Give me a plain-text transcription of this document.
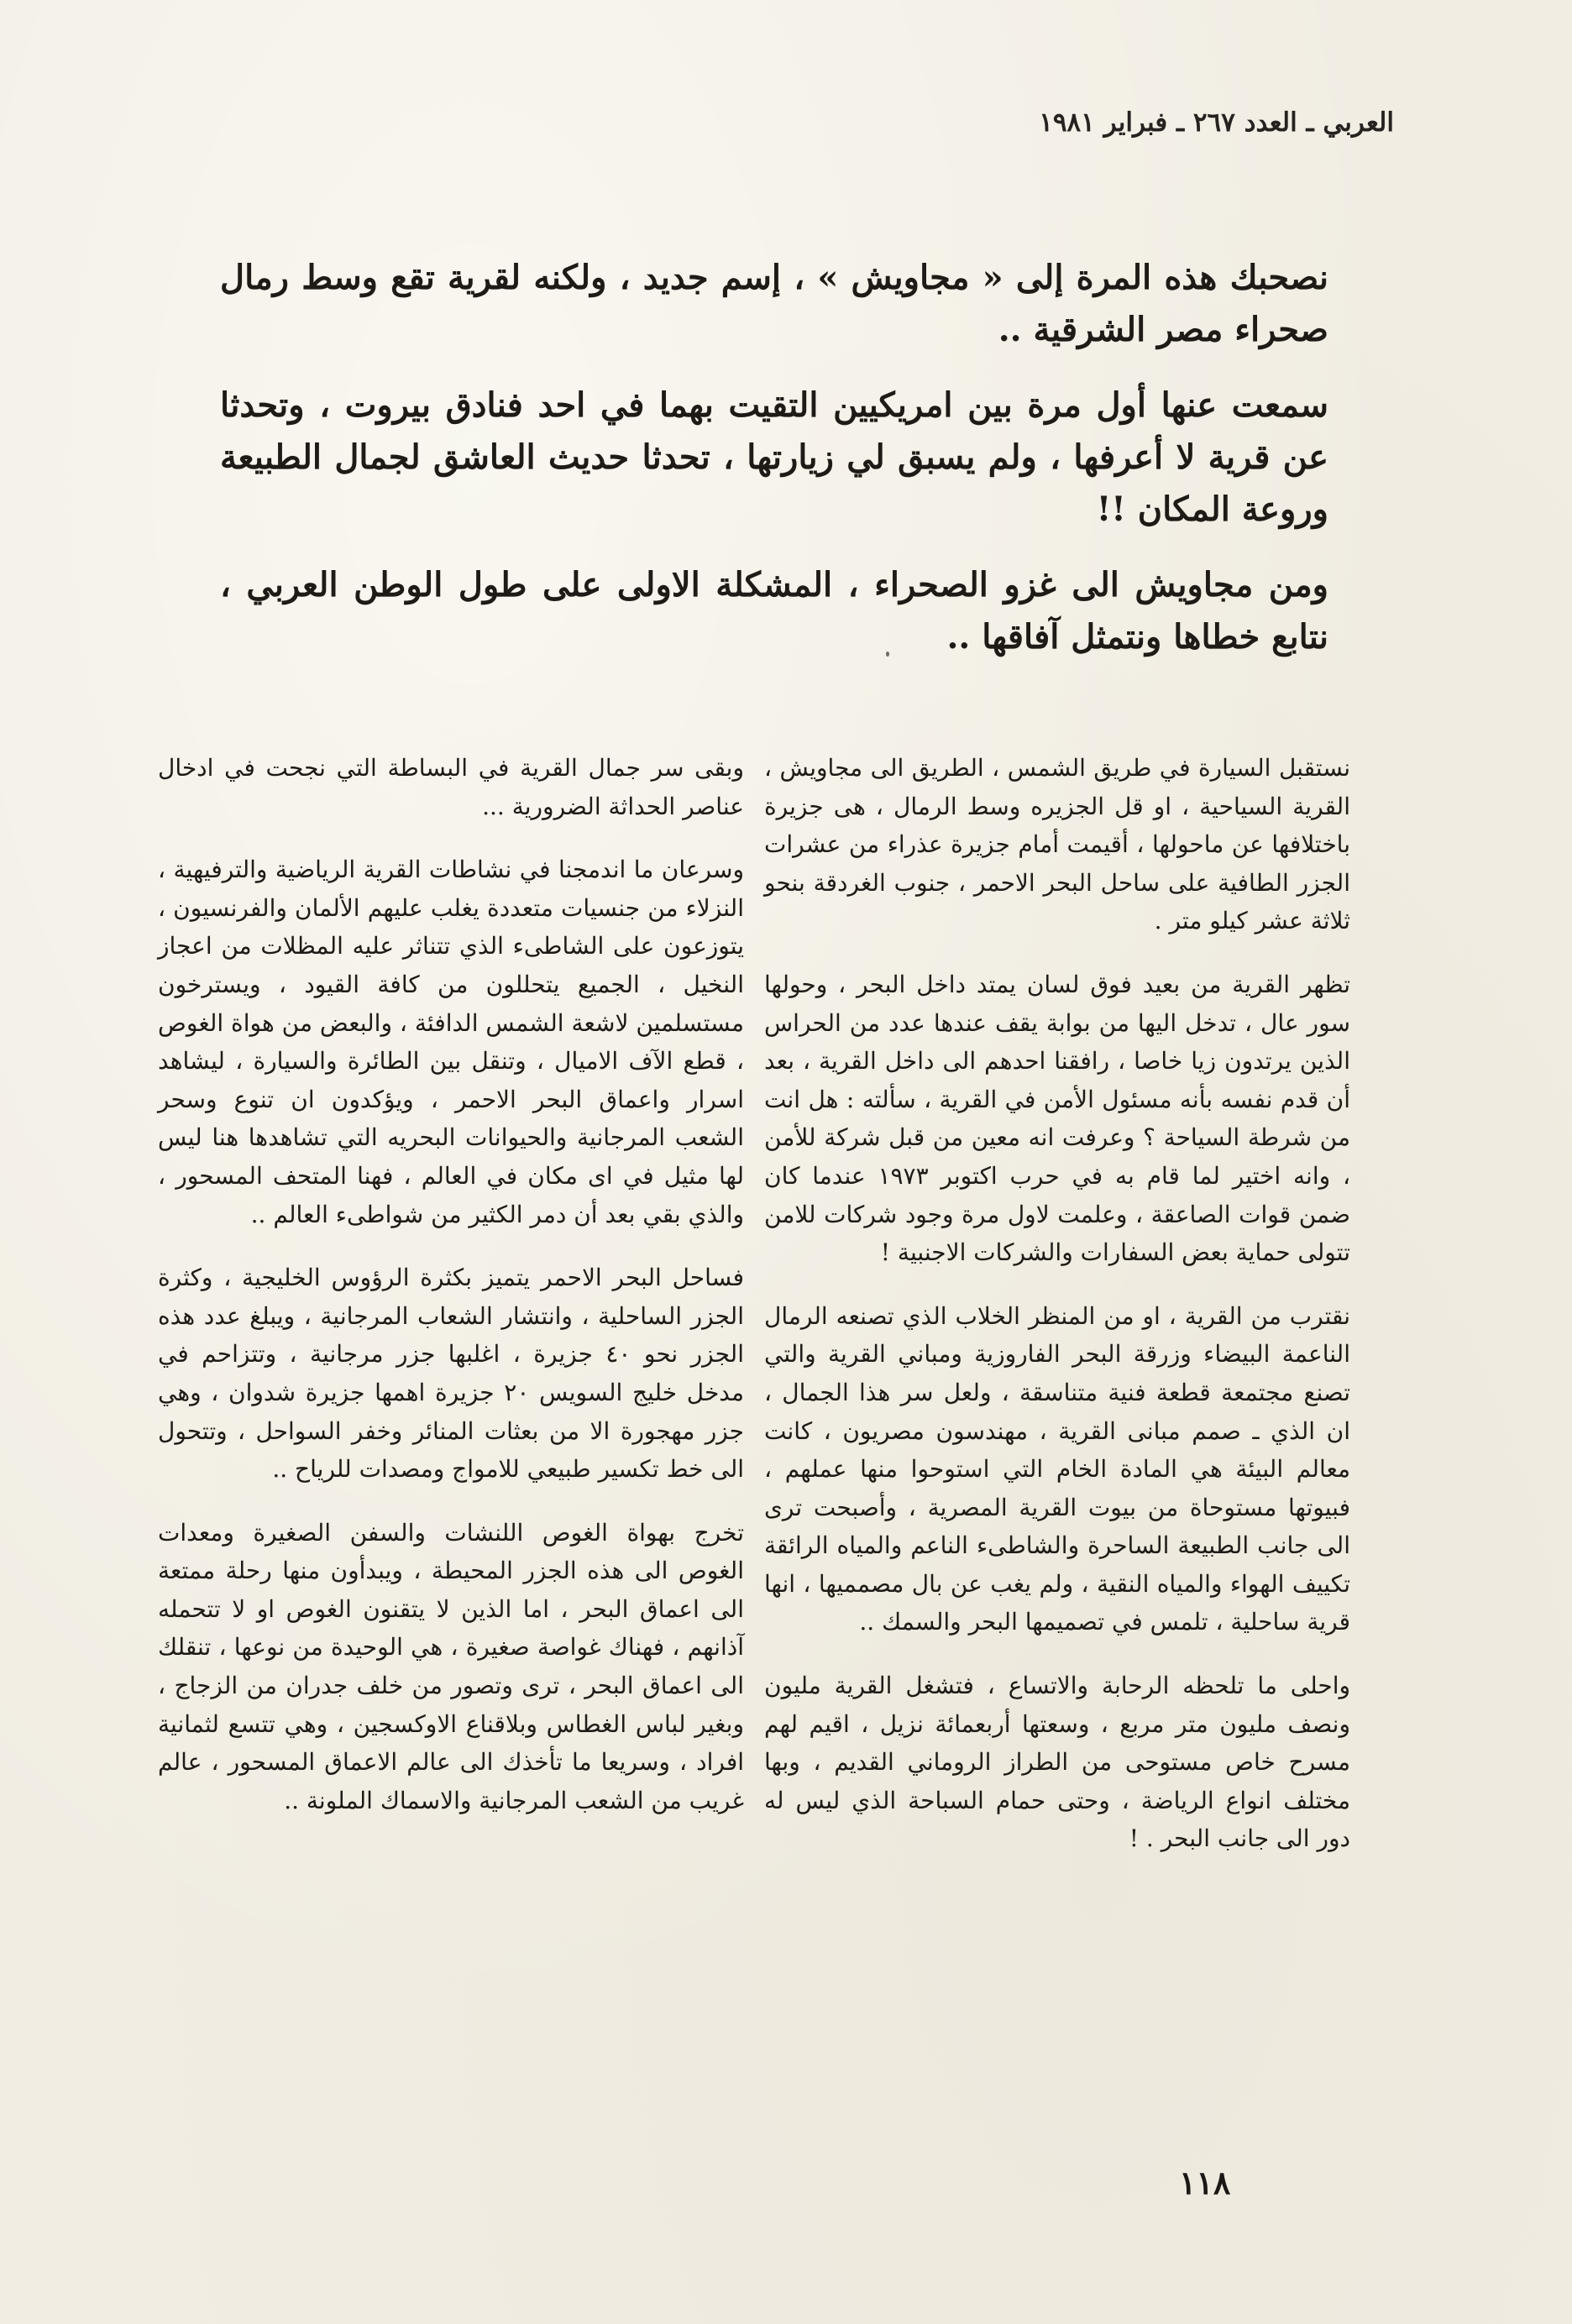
العربي ـ العدد ٢٦٧ ـ فبراير ١٩٨١

نصحبك هذه المرة إلى « مجاويش » ، إسم جديد ، ولكنه لقرية تقع وسط رمال صحراء مصر الشرقية ..

سمعت عنها أول مرة بين امريكيين التقيت بهما في احد فنادق بيروت ، وتحدثا عن قرية لا أعرفها ، ولم يسبق لي زيارتها ، تحدثا حديث العاشق لجمال الطبيعة وروعة المكان !!

ومن مجاويش الى غزو الصحراء ، المشكلة الاولى على طول الوطن العربي ، نتابع خطاها ونتمثل آفاقها ..

نستقبل السيارة في طريق الشمس ، الطريق الى مجاويش ، القرية السياحية ، او قل الجزيره وسط الرمال ، هى جزيرة باختلافها عن ماحولها ، أقيمت أمام جزيرة عذراء من عشرات الجزر الطافية على ساحل البحر الاحمر ، جنوب الغردقة بنحو ثلاثة عشر كيلو متر .

تظهر القرية من بعيد فوق لسان يمتد داخل البحر ، وحولها سور عال ، تدخل اليها من بوابة يقف عندها عدد من الحراس الذين يرتدون زيا خاصا ، رافقنا احدهم الى داخل القرية ، بعد أن قدم نفسه بأنه مسئول الأمن في القرية ، سألته : هل انت من شرطة السياحة ؟ وعرفت انه معين من قبل شركة للأمن ، وانه اختير لما قام به في حرب اكتوبر ١٩٧٣ عندما كان ضمن قوات الصاعقة ، وعلمت لاول مرة وجود شركات للامن تتولى حماية بعض السفارات والشركات الاجنبية !

نقترب من القرية ، او من المنظر الخلاب الذي تصنعه الرمال الناعمة البيضاء وزرقة البحر الفاروزية ومباني القرية والتي تصنع مجتمعة قطعة فنية متناسقة ، ولعل سر هذا الجمال ، ان الذي ـ صمم مبانى القرية ، مهندسون مصريون ، كانت معالم البيئة هي المادة الخام التي استوحوا منها عملهم ، فبيوتها مستوحاة من بيوت القرية المصرية ، وأصبحت ترى الى جانب الطبيعة الساحرة والشاطىء الناعم والمياه الرائقة تكييف الهواء والمياه النقية ، ولم يغب عن بال مصمميها ، انها قرية ساحلية ، تلمس في تصميمها البحر والسمك ..

واحلى ما تلحظه الرحابة والاتساع ، فتشغل القرية مليون ونصف مليون متر مربع ، وسعتها أربعمائة نزيل ، اقيم لهم مسرح خاص مستوحى من الطراز الروماني القديم ، وبها مختلف انواع الرياضة ، وحتى حمام السباحة الذي ليس له دور الى جانب البحر . !

وبقى سر جمال القرية في البساطة التي نجحت في ادخال عناصر الحداثة الضرورية ...

وسرعان ما اندمجنا في نشاطات القرية الرياضية والترفيهية ، النزلاء من جنسيات متعددة يغلب عليهم الألمان والفرنسيون ، يتوزعون على الشاطىء الذي تتناثر عليه المظلات من اعجاز النخيل ، الجميع يتحللون من كافة القيود ، ويسترخون مستسلمين لاشعة الشمس الدافئة ، والبعض من هواة الغوص ، قطع الآف الاميال ، وتنقل بين الطائرة والسيارة ، ليشاهد اسرار واعماق البحر الاحمر ، ويؤكدون ان تنوع وسحر الشعب المرجانية والحيوانات البحريه التي تشاهدها هنا ليس لها مثيل في اى مكان في العالم ، فهنا المتحف المسحور ، والذي بقي بعد أن دمر الكثير من شواطىء العالم ..

فساحل البحر الاحمر يتميز بكثرة الرؤوس الخليجية ، وكثرة الجزر الساحلية ، وانتشار الشعاب المرجانية ، ويبلغ عدد هذه الجزر نحو ٤٠ جزيرة ، اغلبها جزر مرجانية ، وتتزاحم في مدخل خليج السويس ٢٠ جزيرة اهمها جزيرة شدوان ، وهي جزر مهجورة الا من بعثات المنائر وخفر السواحل ، وتتحول الى خط تكسير طبيعي للامواج ومصدات للرياح ..

تخرج بهواة الغوص اللنشات والسفن الصغيرة ومعدات الغوص الى هذه الجزر المحيطة ، ويبدأون منها رحلة ممتعة الى اعماق البحر ، اما الذين لا يتقنون الغوص او لا تتحمله آذانهم ، فهناك غواصة صغيرة ، هي الوحيدة من نوعها ، تنقلك الى اعماق البحر ، ترى وتصور من خلف جدران من الزجاج ، وبغير لباس الغطاس وبلاقناع الاوكسجين ، وهي تتسع لثمانية افراد ، وسريعا ما تأخذك الى عالم الاعماق المسحور ، عالم غريب من الشعب المرجانية والاسماك الملونة ..

١١٨
